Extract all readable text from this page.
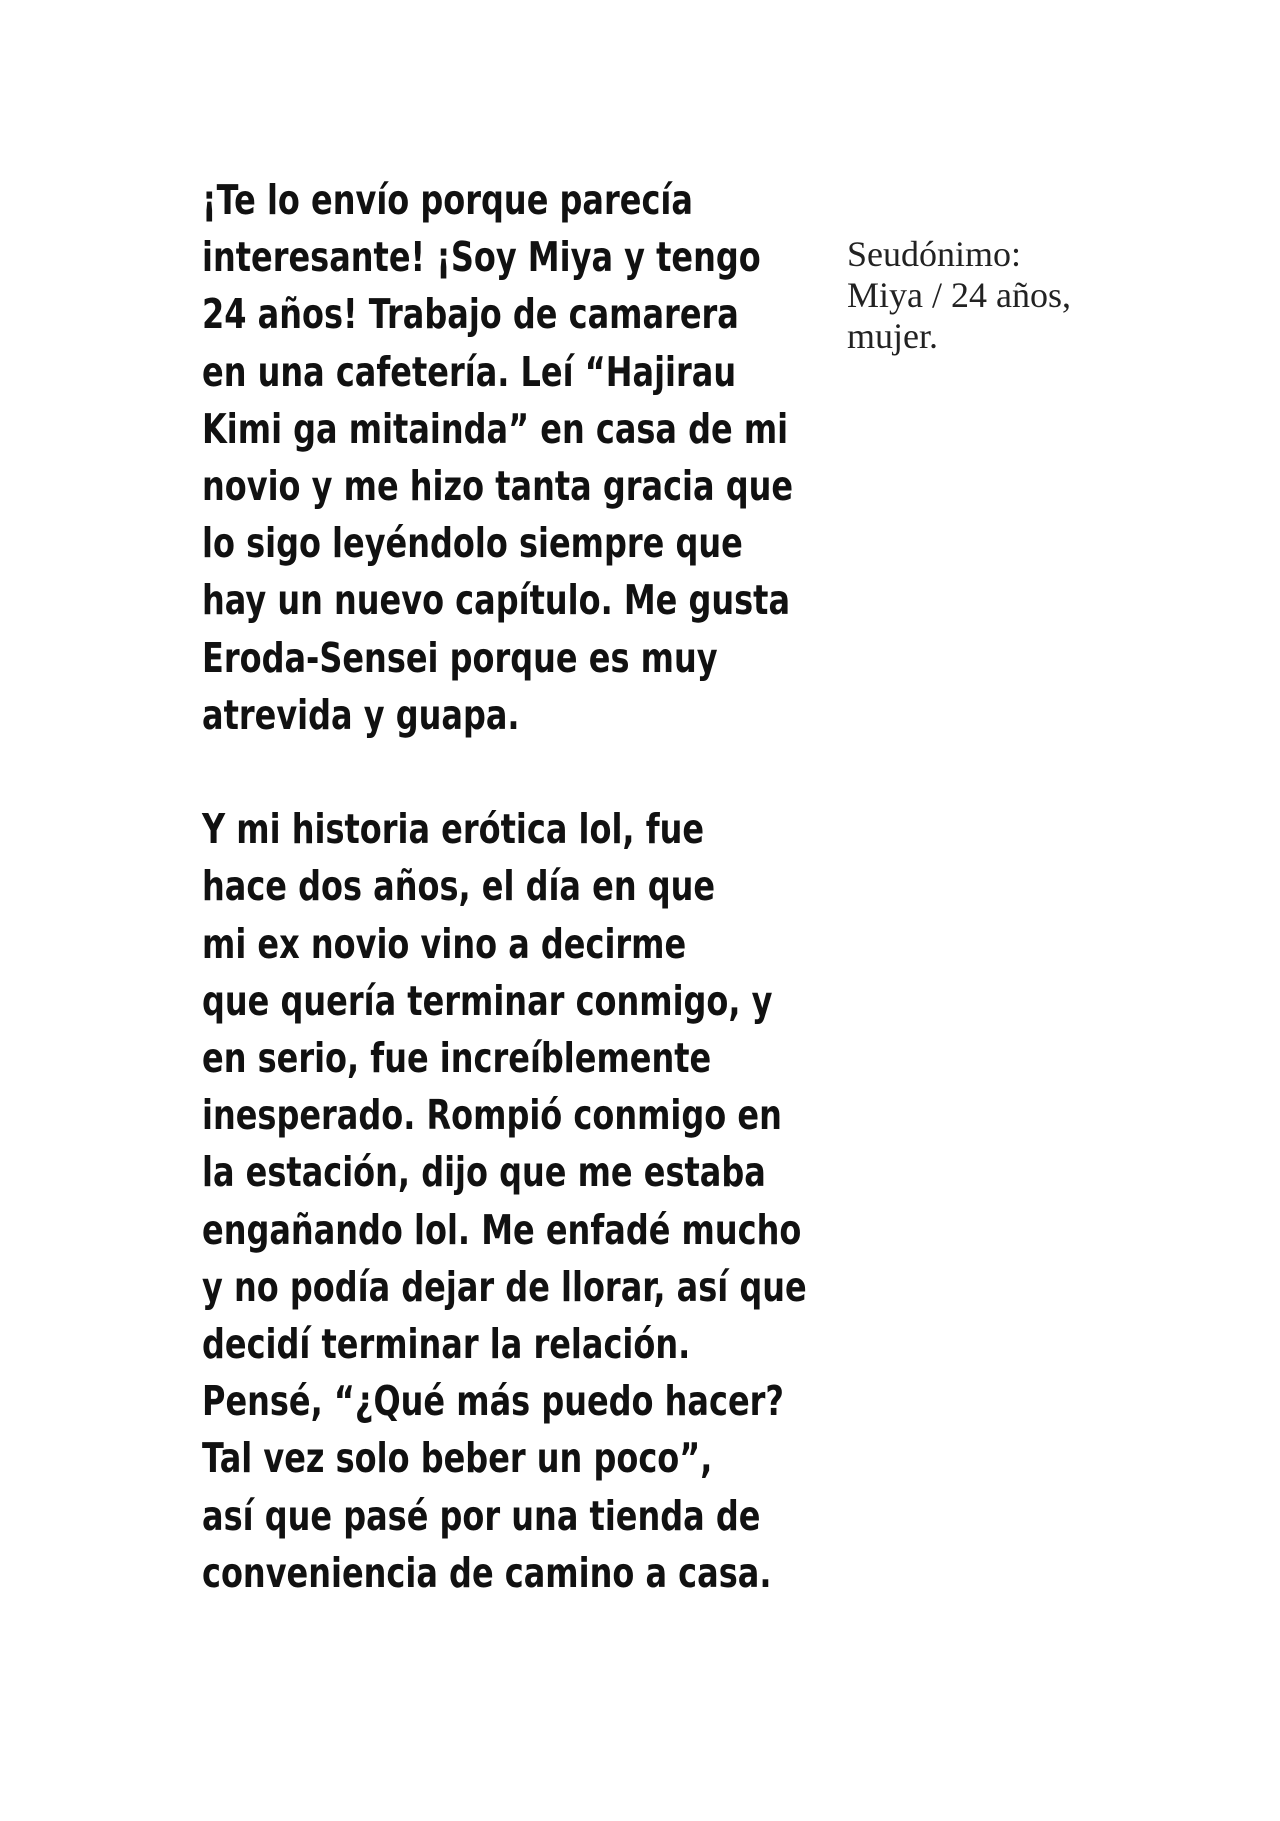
¡Te lo envío porque parecía
interesante! ¡Soy Miya y tengo
24 años! Trabajo de camarera
en una cafetería. Leí “Hajirau
Kimi ga mitainda” en casa de mi
novio y me hizo tanta gracia que
lo sigo leyéndolo siempre que
hay un nuevo capítulo. Me gusta
Eroda-Sensei porque es muy
atrevida y guapa.
Y mi historia erótica lol, fue
hace dos años, el día en que
mi ex novio vino a decirme
que quería terminar conmigo, y
en serio, fue increíblemente
inesperado. Rompió conmigo en
la estación, dijo que me estaba
engañando lol. Me enfadé mucho
y no podía dejar de llorar, así que
decidí terminar la relación.
Pensé, “¿Qué más puedo hacer?
Tal vez solo beber un poco”,
así que pasé por una tienda de
conveniencia de camino a casa.
Seudónimo:
Miya / 24 años,
mujer.
